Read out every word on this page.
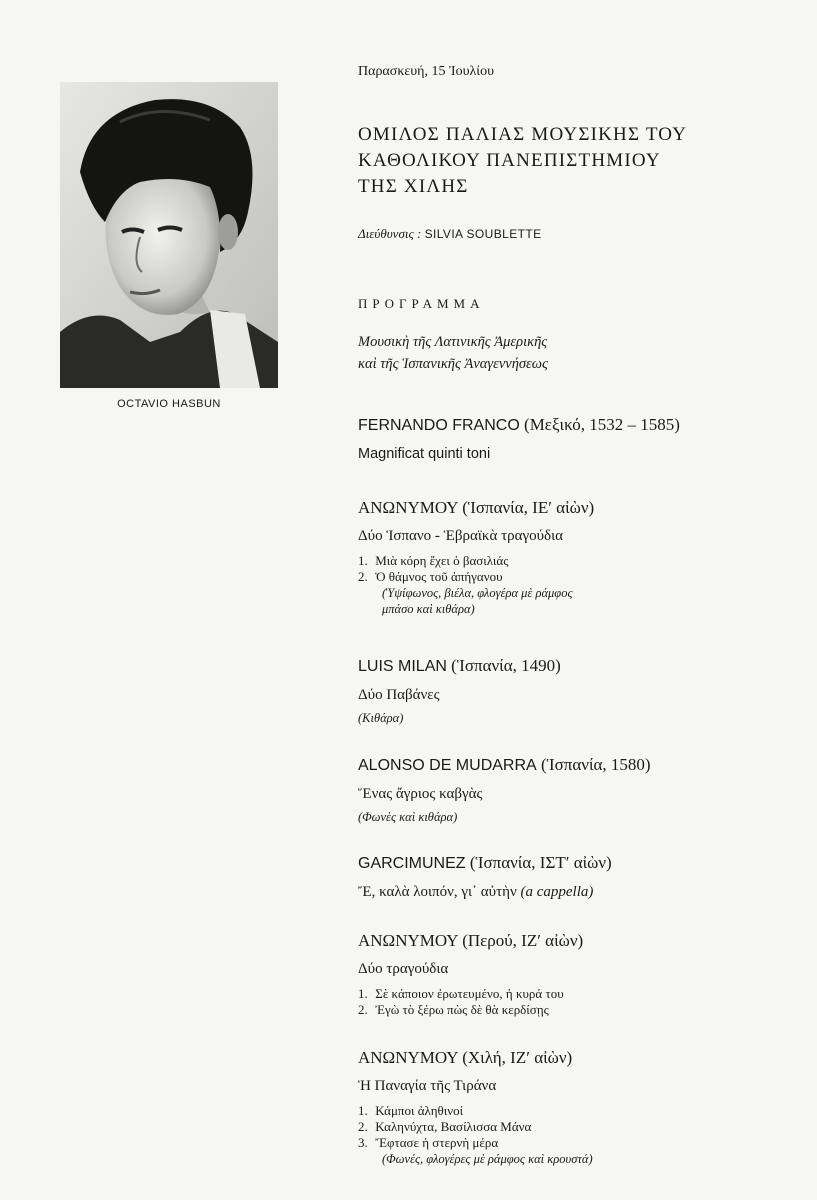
OCTAVIO HASBUN
Παρασκευή, 15 Ἰουλίου
ΟΜΙΛΟΣ ΠΑΛΙΑΣ ΜΟΥΣΙΚΗΣ ΤΟΥ
ΚΑΘΟΛΙΚΟΥ ΠΑΝΕΠΙΣΤΗΜΙΟΥ
ΤΗΣ ΧΙΛΗΣ
Διεύθυνσις : SILVIA SOUBLETTE
ΠΡΟΓΡΑΜΜΑ
Μουσικὴ τῆς Λατινικῆς Ἀμερικῆς
καὶ τῆς Ἱσπανικῆς Ἀναγεννήσεως
FERNANDO FRANCO (Μεξικό, 1532 – 1585)
Magnificat quinti toni
ΑΝΩΝΥΜΟΥ (Ἱσπανία, ΙΕ′ αἰὼν)
Δύο Ἱσπανο - Ἑβραϊκὰ τραγούδια
1. Μιὰ κόρη ἔχει ὁ βασιλιάς
2. Ὁ θάμνος τοῦ ἀπήγανου
(Ὑψίφωνος, βιέλα, φλογέρα μὲ ράμφος
μπάσο καὶ κιθάρα)
LUIS MILAN (Ἱσπανία, 1490)
Δύο Παβάνες
(Κιθάρα)
ALONSO DE MUDARRA (Ἱσπανία, 1580)
Ἕνας ἄγριος καβγὰς
(Φωνὲς καὶ κιθάρα)
GARCIMUNEZ (Ἱσπανία, ΙΣΤ′ αἰὼν)
Ἔ, καλὰ λοιπόν, γι᾽ αὐτὴν (a cappella)
ΑΝΩΝΥΜΟΥ (Περού, ΙΖ′ αἰὼν)
Δύο τραγούδια
1. Σὲ κάποιον ἐρωτευμένο, ἡ κυρά του
2. Ἐγὼ τὸ ξέρω πὼς δὲ θὰ κερδίσῃς
ΑΝΩΝΥΜΟΥ (Χιλή, ΙΖ′ αἰὼν)
Ἡ Παναγία τῆς Τιράνα
1. Κάμποι ἀληθινοί
2. Καληνύχτα, Βασίλισσα Μάνα
3. Ἔφτασε ἡ στερνὴ μέρα
(Φωνές, φλογέρες μὲ ράμφος καὶ κρουστά)
